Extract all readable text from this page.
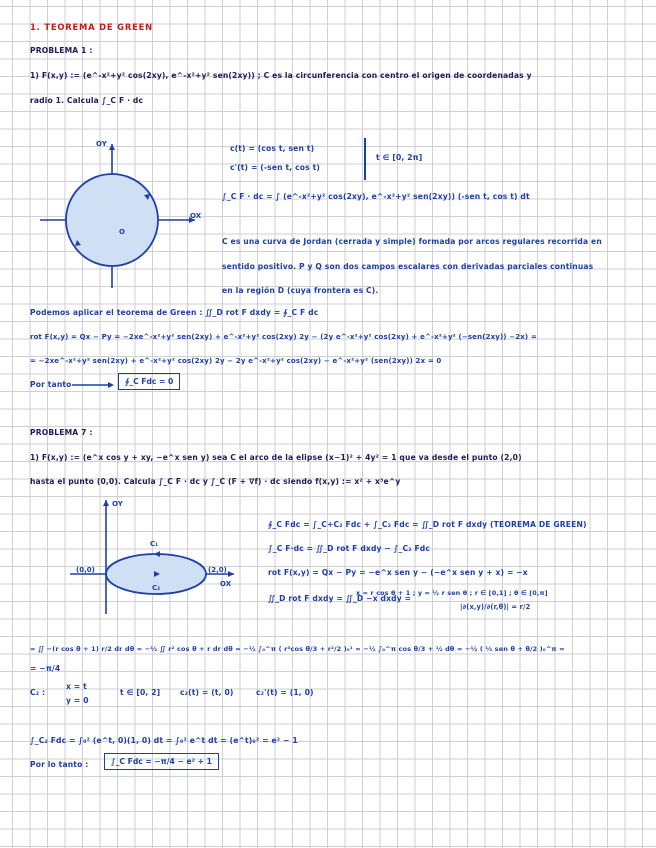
1. TEOREMA DE GREEN
PROBLEMA 1 :
1) F(x,y) := (e^-x²+y² cos(2xy), e^-x²+y² sen(2xy)) ; C es la circunferencia con centro el origen de coordenadas y
radio 1. Calcula ∫_C F · dc
OY
OX
O
c(t) = (cos t, sen t)
c'(t) = (-sen t, cos t)
t ∈ [0, 2π]
∫_C F · dc = ∫ (e^-x²+y² cos(2xy), e^-x²+y² sen(2xy)) (-sen t, cos t) dt
C es una curva de Jordan (cerrada y simple) formada por arcos regulares recorrida en
sentido positivo. P y Q son dos campos escalares con derivadas parciales continuas
en la región D (cuya frontera es C).
Podemos aplicar el teorema de Green : ∬_D rot F dxdy = ∮_C F dc
rot F(x,y) = Qx − Py = −2xe^-x²+y² sen(2xy) + e^-x²+y² cos(2xy) 2y − (2y e^-x²+y² cos(2xy) + e^-x²+y² (−sen(2xy)) −2x) =
= −2xe^-x²+y² sen(2xy) + e^-x²+y² cos(2xy) 2y − 2y e^-x²+y² cos(2xy) − e^-x²+y² (sen(2xy)) 2x = 0
Por tanto	∮_C Fdc = 0
PROBLEMA 7 :
1) F(x,y) := (e^x cos y + xy, −e^x sen y) sea C el arco de la elipse (x−1)² + 4y² = 1 que va desde el punto (2,0)
hasta el punto (0,0). Calcula ∫_C F · dc y ∫_C (F + ∇f) · dc siendo f(x,y) := x² + x³e^y
OY
OX
C₁
C₂
(0,0)	(2,0)
∮_C Fdc = ∫_C+C₂ Fdc + ∫_C₂ Fdc = ∬_D rot F dxdy (TEOREMA DE GREEN)
∫_C F·dc = ∬_D rot F dxdy − ∫_C₂ Fdc
rot F(x,y) = Qx − Py = −e^x sen y − (−e^x sen y + x) = −x
∬_D rot F dxdy = ∬_D −x dxdy =
x = r cos θ + 1 ; y = ½ r sen θ ; r ∈ [0,1] ; θ ∈ [0,π]
|∂(x,y)/∂(r,θ)| = r/2
= ∬ −(r cos θ + 1) r/2 dr dθ = −½ ∬ r² cos θ + r dr dθ = −½ ∫₀^π ( r³cos θ/3 + r²/2 )₀¹ = −½ ∫₀^π cos θ/3 + ½ dθ = −½ ( ⅓ sen θ + θ/2 )₀^π =
= −π/4
C₂ :
x = t
y = 0
t ∈ [0, 2]	c₂(t) = (t, 0)	c₂'(t) = (1, 0)
∫_C₂ Fdc = ∫₀² (e^t, 0)(1, 0) dt = ∫₀² e^t dt = (e^t)₀² = e² − 1
Por lo tanto :	∫_C Fdc = −π/4 − e² + 1
